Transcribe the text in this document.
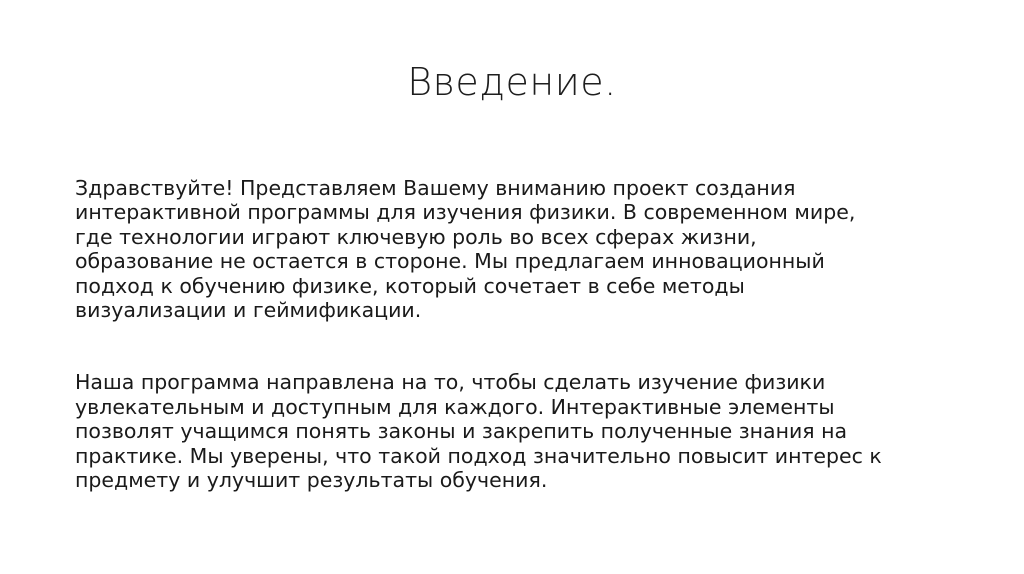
Введение.

Здравствуйте! Представляем Вашему вниманию проект создания
интерактивной программы для изучения физики. В современном мире,
где технологии играют ключевую роль во всех сферах жизни,
образование не остается в стороне. Мы предлагаем инновационный
подход к обучению физике, который сочетает в себе методы
визуализации и геймификации.

Наша программа направлена на то, чтобы сделать изучение физики
увлекательным и доступным для каждого. Интерактивные элементы
позволят учащимся понять законы и закрепить полученные знания на
практике. Мы уверены, что такой подход значительно повысит интерес к
предмету и улучшит результаты обучения.
